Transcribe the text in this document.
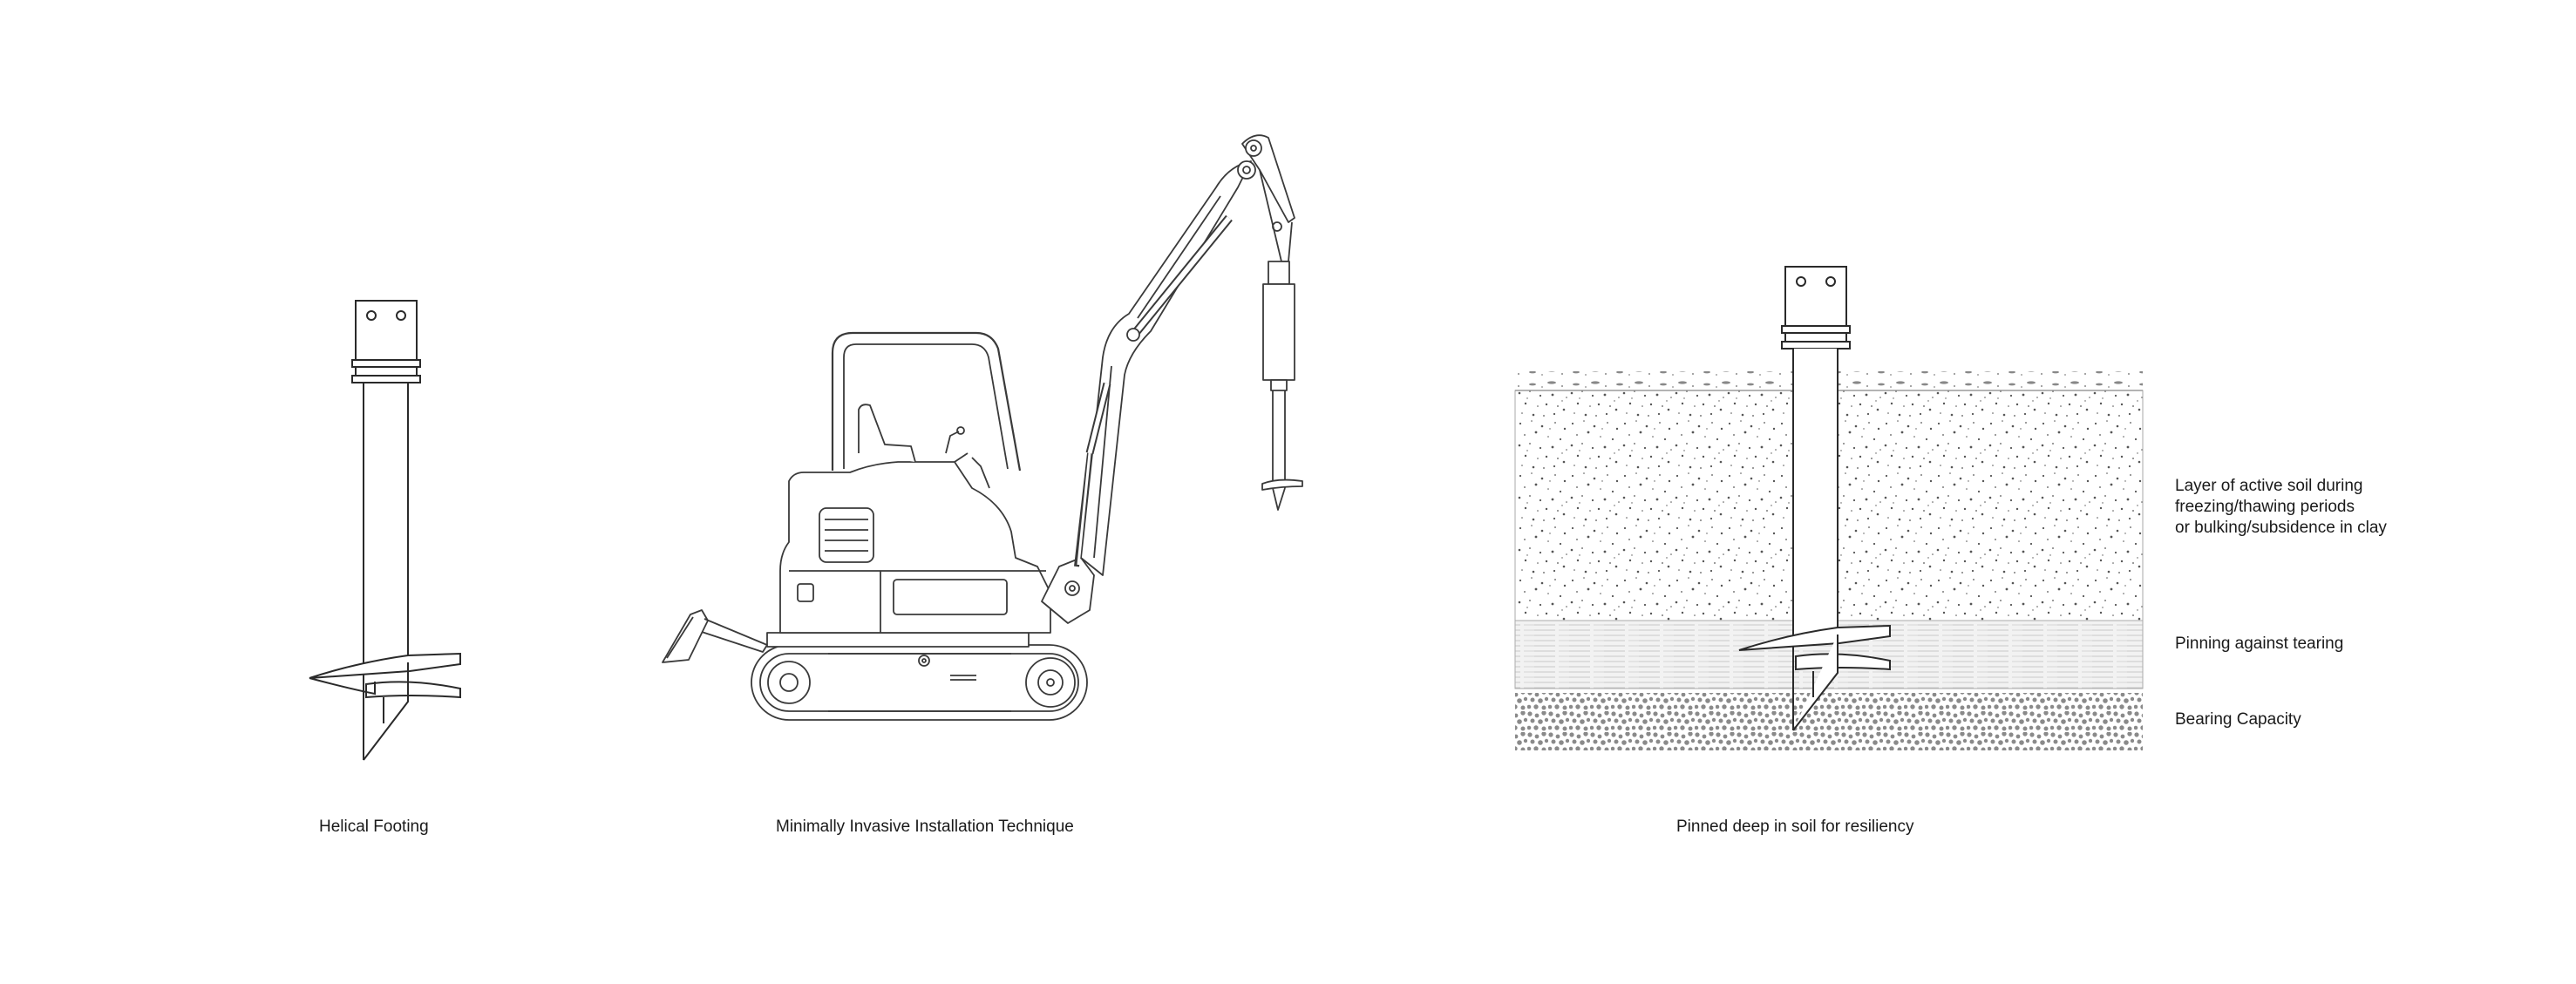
Helical Footing	Minimally Invasive Installation Technique	Pinned deep in soil for resiliency
Layer of active soil during
freezing/thawing periods
or bulking/subsidence in clay
Pinning against tearing
Bearing Capacity
